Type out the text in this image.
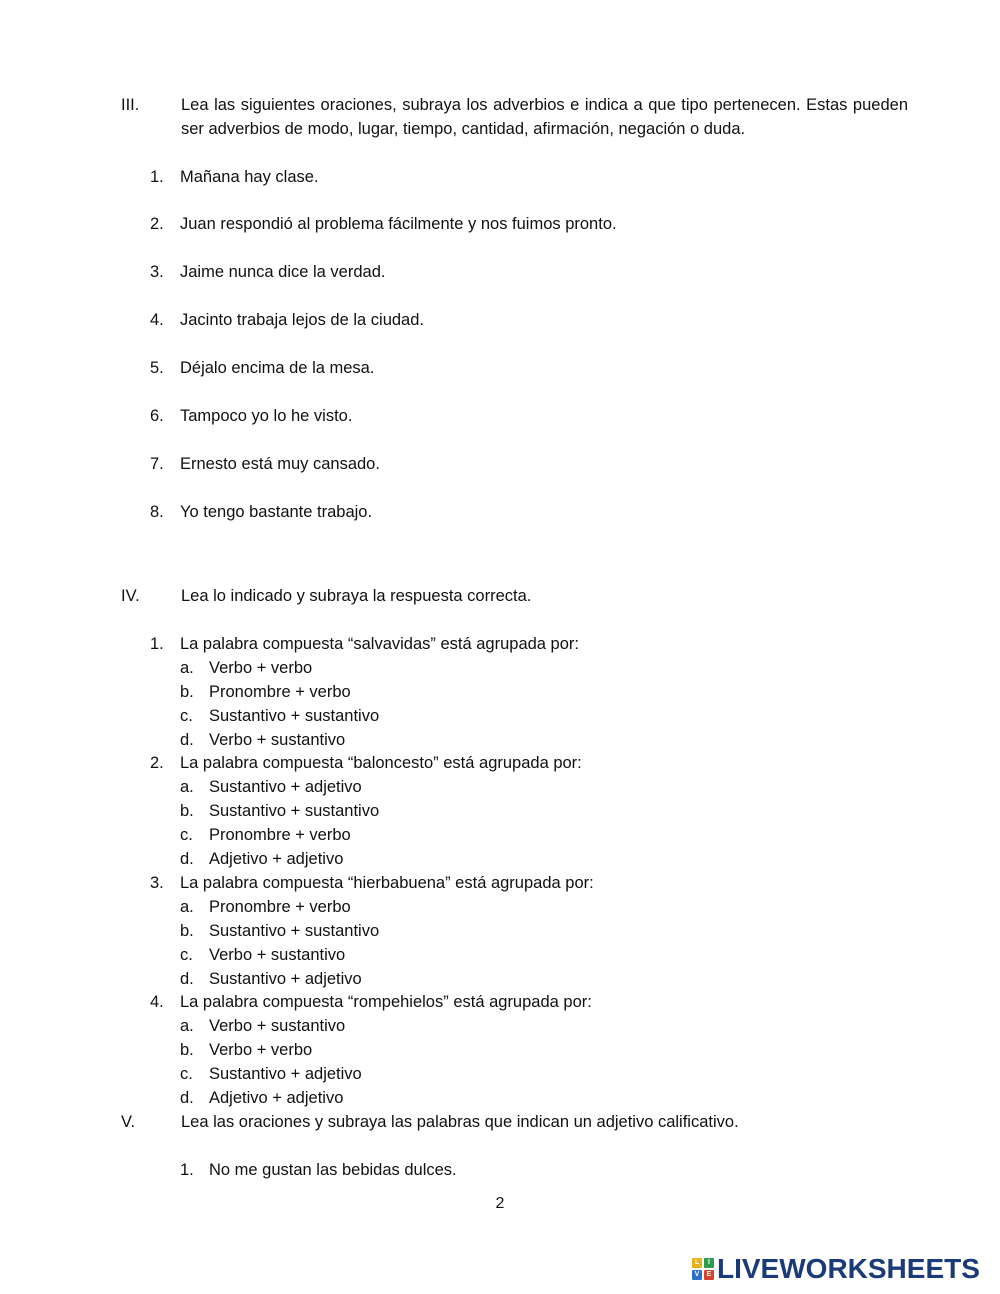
III.	Lea las siguientes oraciones, subraya los adverbios e indica a que tipo pertenecen. Estas pueden ser adverbios de modo, lugar, tiempo, cantidad, afirmación, negación o duda.
1. Mañana hay clase.
2. Juan respondió al problema fácilmente y nos fuimos pronto.
3. Jaime nunca dice la verdad.
4. Jacinto trabaja lejos de la ciudad.
5. Déjalo encima de la mesa.
6. Tampoco yo lo he visto.
7. Ernesto está muy cansado.
8. Yo tengo bastante trabajo.
IV.	Lea lo indicado y subraya la respuesta correcta.
1. La palabra compuesta “salvavidas” está agrupada por:
a. Verbo + verbo
b. Pronombre + verbo
c. Sustantivo + sustantivo
d. Verbo + sustantivo
2. La palabra compuesta “baloncesto” está agrupada por:
a. Sustantivo + adjetivo
b. Sustantivo + sustantivo
c. Pronombre + verbo
d. Adjetivo + adjetivo
3. La palabra compuesta “hierbabuena” está agrupada por:
a. Pronombre + verbo
b. Sustantivo + sustantivo
c. Verbo + sustantivo
d. Sustantivo + adjetivo
4. La palabra compuesta “rompehielos” está agrupada por:
a. Verbo + sustantivo
b. Verbo + verbo
c. Sustantivo + adjetivo
d. Adjetivo + adjetivo
V.	Lea las oraciones y subraya las palabras que indican un adjetivo calificativo.
1. No me gustan las bebidas dulces.
2
L	I
V	E LIVEWORKSHEETS
